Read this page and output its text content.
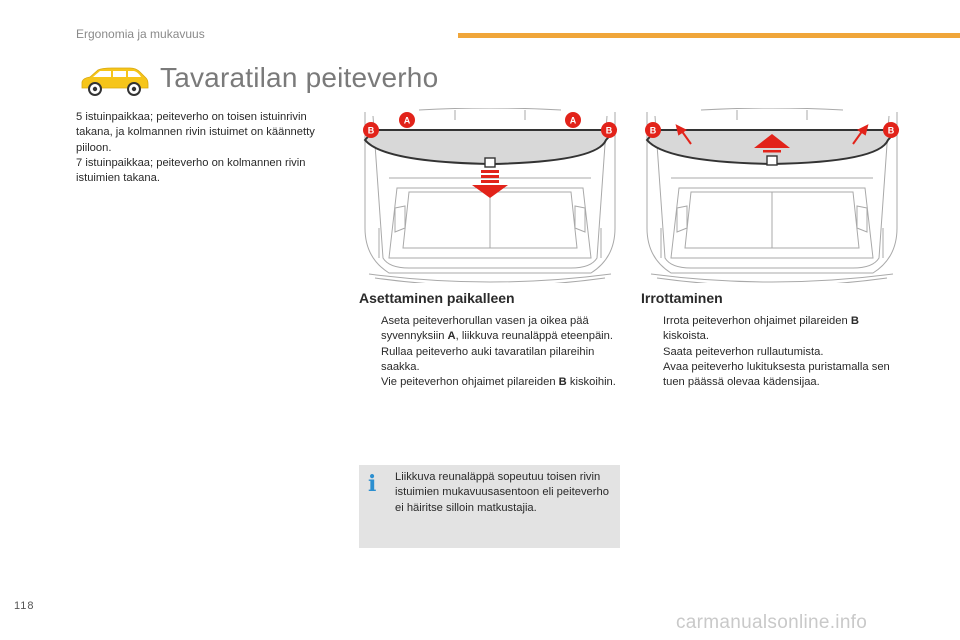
Ergonomia ja mukavuus
Tavaratilan peiteverho

5 istuinpaikkaa; peiteverho on toisen istuinrivin takana, ja kolmannen rivin istuimet on käännetty piiloon.

7 istuinpaikkaa; peiteverho on kolmannen rivin istuimien takana.

B
A	A
B	B	B
Asettaminen paikalleen
Aseta peiteverhorullan vasen ja oikea pää syvennyksiin A, liikkuva reunaläppä eteenpäin.
Rullaa peiteverho auki tavaratilan pilareihin saakka.
Vie peiteverhon ohjaimet pilareiden B kiskoihin.
Irrottaminen
Irrota peiteverhon ohjaimet pilareiden B kiskoista.
Saata peiteverhon rullautumista.
Avaa peiteverho lukituksesta puristamalla sen tuen päässä olevaa kädensijaa.
i Liikkuva reunaläppä sopeutuu toisen rivin istuimien mukavuusasentoon eli peiteverho ei häiritse silloin matkustajia.

118
carmanualsonline.info
